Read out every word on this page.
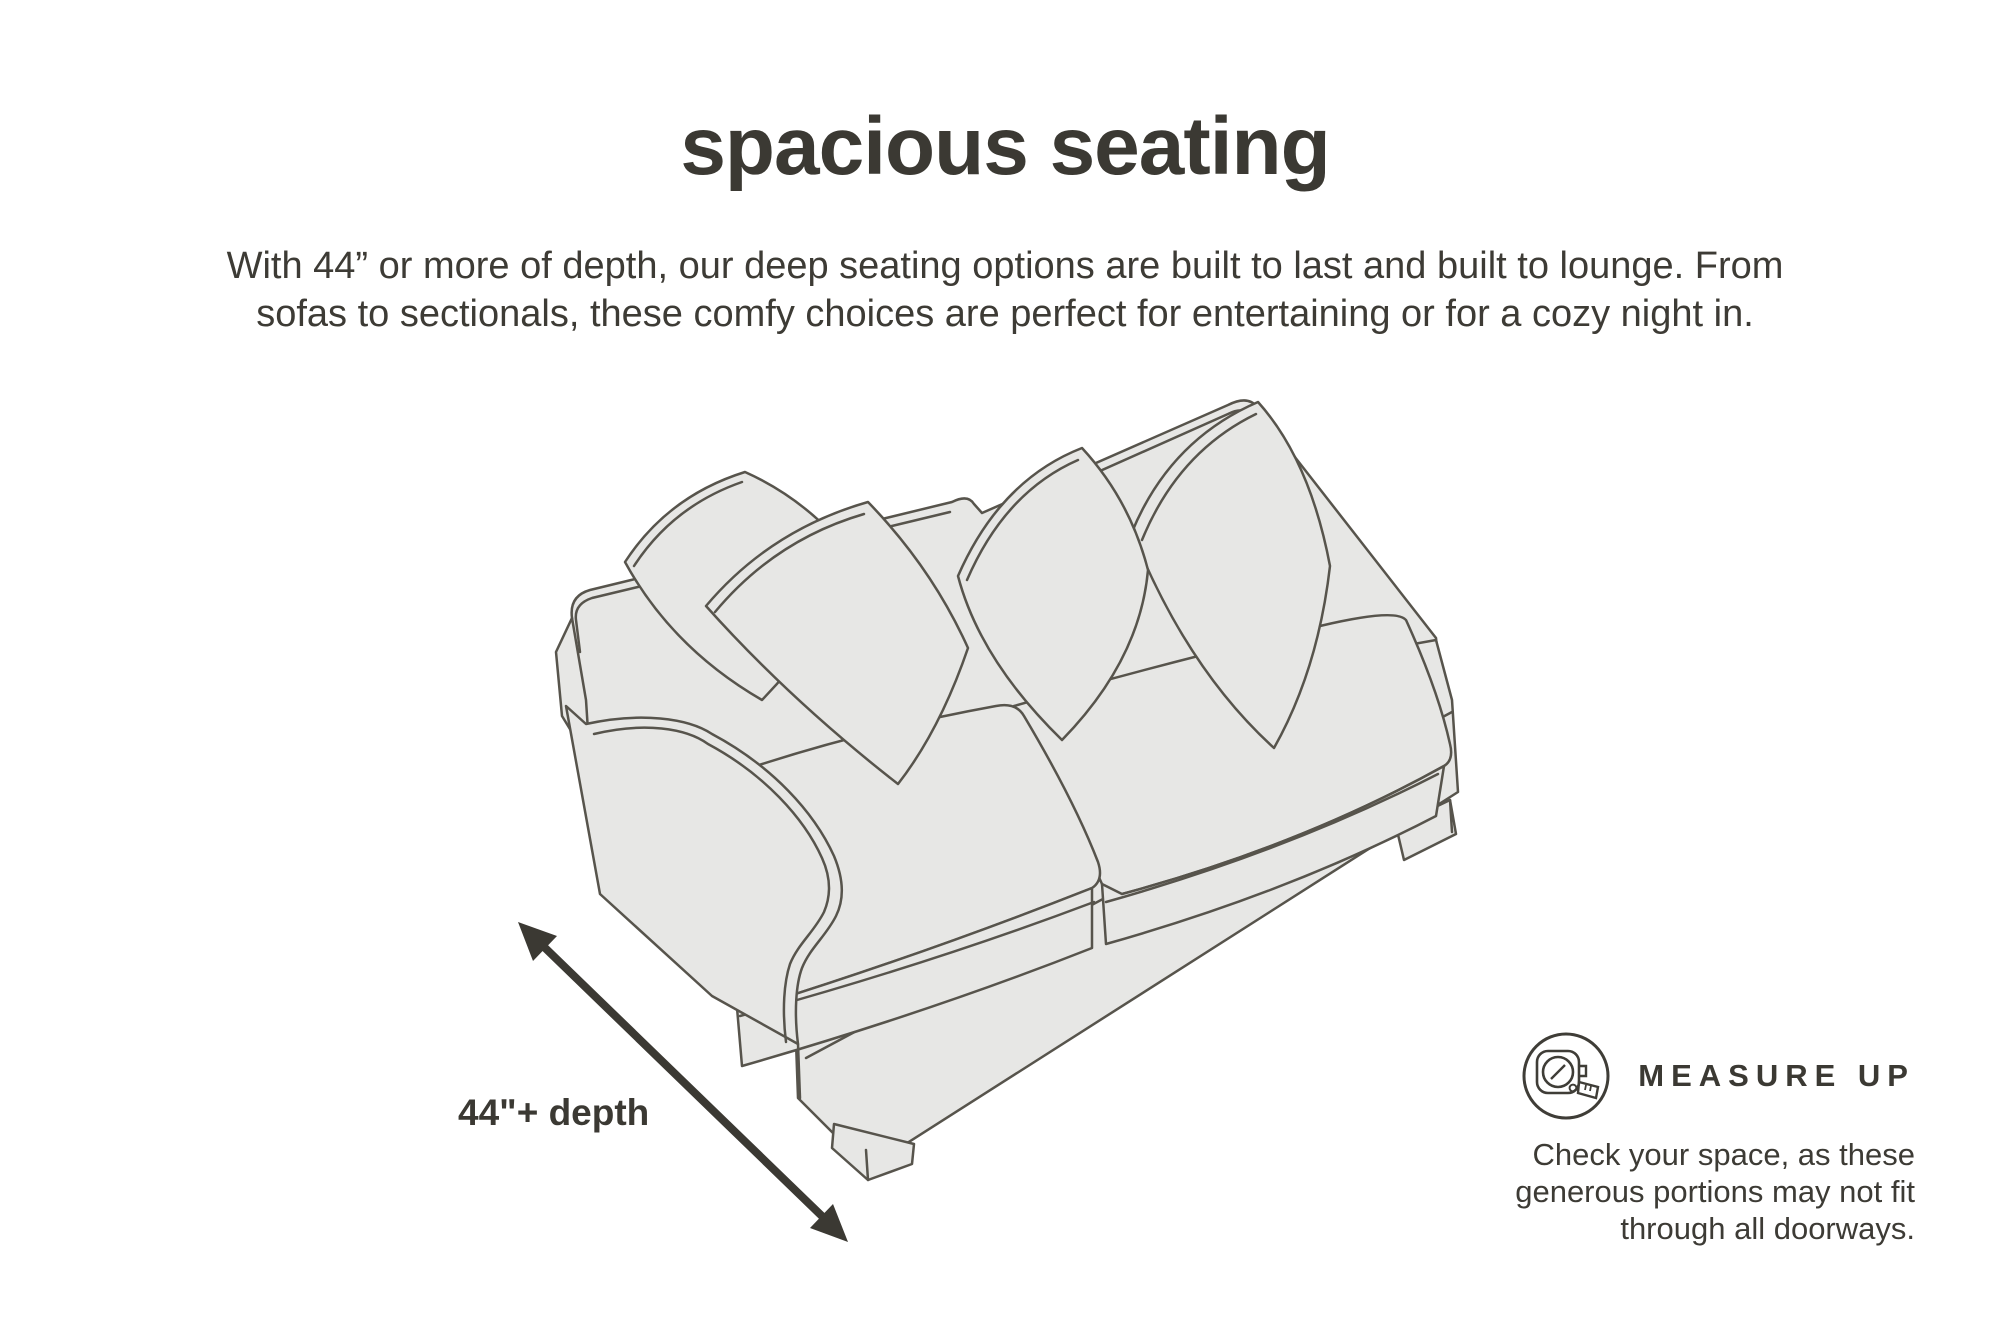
spacious seating
With 44” or more of depth, our deep seating options are built to last and built to lounge. From
sofas to sectionals, these comfy choices are perfect for entertaining or for a cozy night in.
44"+ depth
MEASURE UP
Check your space, as these
generous portions may not fit
through all doorways.
